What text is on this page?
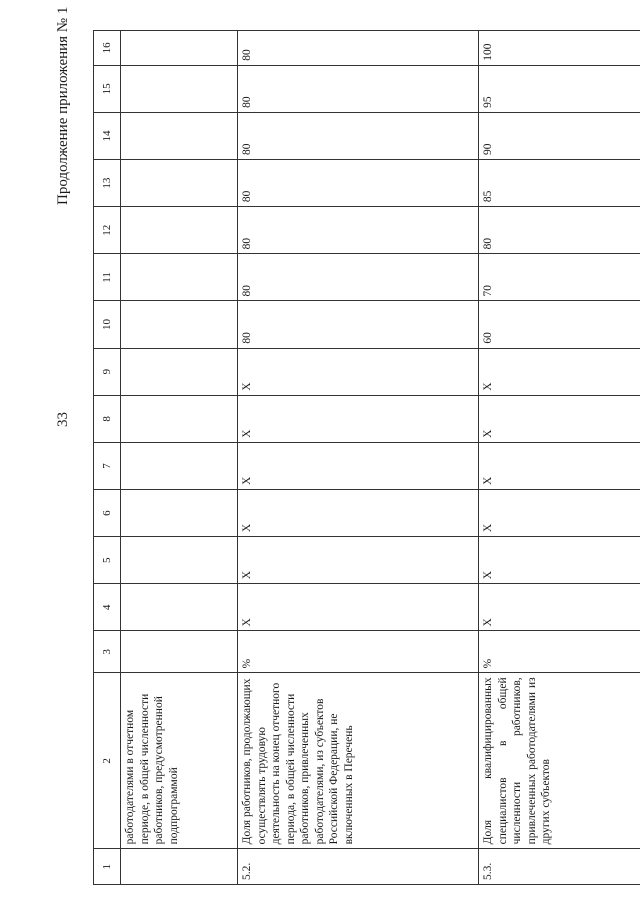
33
Продолжение приложения № 1
1	2	3	4	5	6	7	8	9	10	11	12	13	14	15	16
	работодателями в отчетном периоде, в общей численности работников, предусмотренной подпрограммой														
5.2.	Доля работников, продолжающих осуществлять трудовую деятельность на конец отчетного периода, в общей численности работников, привлеченных работодателями, из субъектов Российской Федерации, не включенных в Перечень	%	X	X	X	X	X	X	80	80	80	80	80	80	80
5.3.	Доля квалифицированных специалистов в общей численности работников, привлеченных работодателями из других субъектов	%	X	X	X	X	X	X	60	70	80	85	90	95	100
